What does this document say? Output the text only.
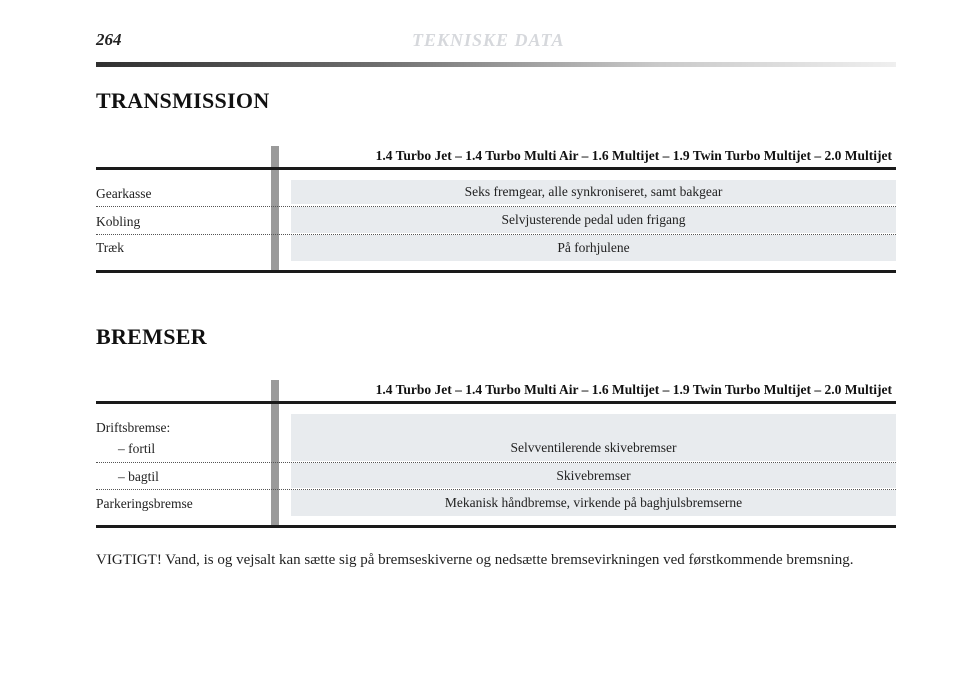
264	TEKNISKE DATA
TRANSMISSION
1.4 Turbo Jet – 1.4 Turbo Multi Air – 1.6 Multijet – 1.9 Twin Turbo Multijet – 2.0 Multijet
Seks fremgear, alle synkroniseret, samt bakgear
Gearkasse
Selvjusterende pedal uden frigang
Kobling
På forhjulene
Træk
BREMSER
1.4 Turbo Jet – 1.4 Turbo Multi Air – 1.6 Multijet – 1.9 Twin Turbo Multijet – 2.0 Multijet
Selvventilerende skivebremser
Driftsbremse:
– fortil
Skivebremser
– bagtil
Mekanisk håndbremse, virkende på baghjulsbremserne
Parkeringsbremse
VIGTIGT! Vand, is og vejsalt kan sætte sig på bremseskiverne og nedsætte bremsevirkningen ved førstkommende bremsning.
